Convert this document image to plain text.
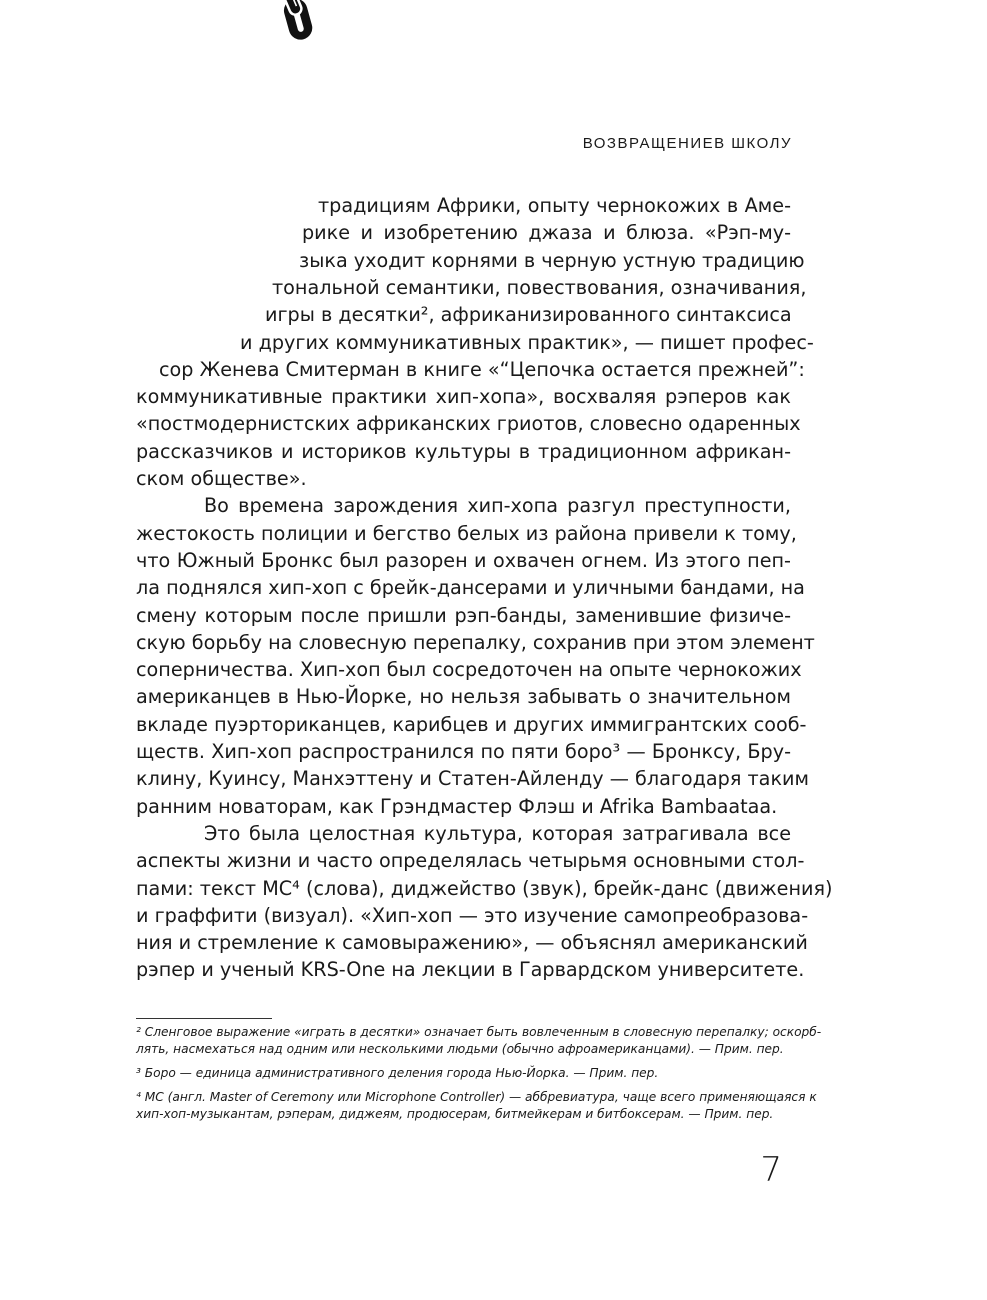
ВОЗВРАЩЕНИЕВ ШКОЛУ

традициям Африки, опыту чернокожих в Аме-

рике и изобретению джаза и блюза. «Рэп-му-

зыка уходит корнями в черную устную традицию

тональной семантики, повествования, означивания,

игры в десятки², африканизированного синтаксиса

и других коммуникативных практик», — пишет профес-

сор Женева Смитерман в книге «“Цепочка остается прежней”:

коммуникативные практики хип-хопа», восхваляя рэперов как

«постмодернистских африканских гриотов, словесно одаренных

рассказчиков и историков культуры в традиционном африкан-

ском обществе».

Во времена зарождения хип-хопа разгул преступности,

жестокость полиции и бегство белых из района привели к тому,

что Южный Бронкс был разорен и охвачен огнем. Из этого пеп-

ла поднялся хип-хоп с брейк-дансерами и уличными бандами, на

смену которым после пришли рэп-банды, заменившие физиче-

скую борьбу на словесную перепалку, сохранив при этом элемент

соперничества. Хип-хоп был сосредоточен на опыте чернокожих

американцев в Нью-Йорке, но нельзя забывать о значительном

вкладе пуэрториканцев, карибцев и других иммигрантских сооб-

ществ. Хип-хоп распространился по пяти боро³ — Бронксу, Бру-

клину, Куинсу, Манхэттену и Статен-Айленду — благодаря таким

ранним новаторам, как Грэндмастер Флэш и Afrika Bambaataa.

Это была целостная культура, которая затрагивала все

аспекты жизни и часто определялась четырьмя основными стол-

пами: текст MC⁴ (слова), диджейство (звук), брейк-данс (движения)

и граффити (визуал). «Хип-хоп — это изучение самопреобразова-

ния и стремление к самовыражению», — объяснял американский

рэпер и ученый KRS-One на лекции в Гарвардском университете.

² Сленговое выражение «играть в десятки» означает быть вовлеченным в словесную перепалку; оскорб-

лять, насмехаться над одним или несколькими людьми (обычно афроамериканцами). — Прим. пер.

³ Боро — единица административного деления города Нью-Йорка. — Прим. пер.

⁴ MC (англ. Master of Ceremony или Microphone Controller) — аббревиатура, чаще всего применяющаяся к

хип-хоп-музыкантам, рэперам, диджеям, продюсерам, битмейкерам и битбоксерам. — Прим. пер.

7
